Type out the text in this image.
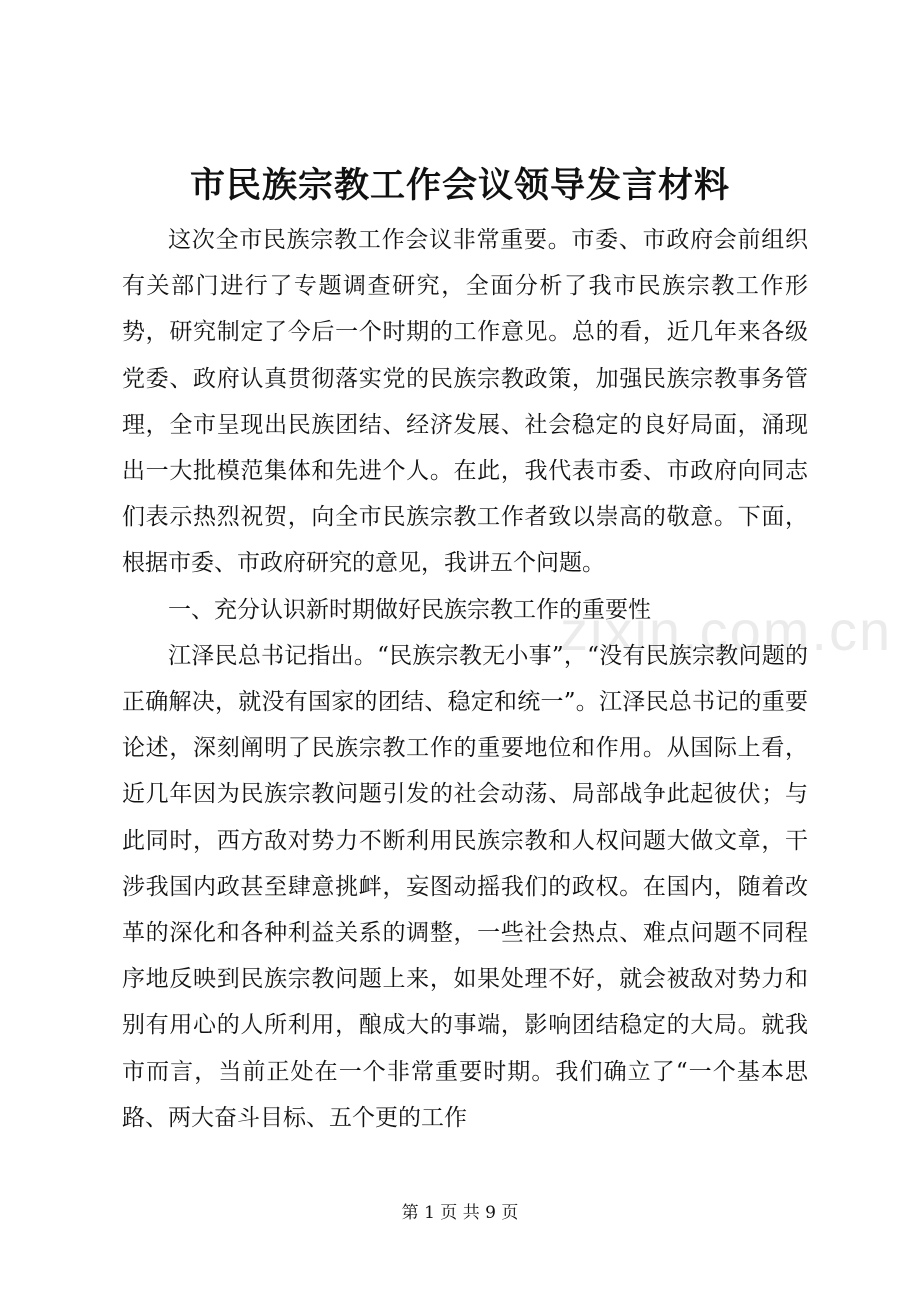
市民族宗教工作会议领导发言材料

这次全市民族宗教工作会议非常重要。市委、市政府会前组织有关部门进行了专题调查研究，全面分析了我市民族宗教工作形势，研究制定了今后一个时期的工作意见。总的看，近几年来各级党委、政府认真贯彻落实党的民族宗教政策，加强民族宗教事务管理，全市呈现出民族团结、经济发展、社会稳定的良好局面，涌现出一大批模范集体和先进个人。在此，我代表市委、市政府向同志们表示热烈祝贺，向全市民族宗教工作者致以崇高的敬意。下面，根据市委、市政府研究的意见，我讲五个问题。

一、充分认识新时期做好民族宗教工作的重要性

江泽民总书记指出。“民族宗教无小事”，“没有民族宗教问题的正确解决，就没有国家的团结、稳定和统一”。江泽民总书记的重要论述，深刻阐明了民族宗教工作的重要地位和作用。从国际上看，近几年因为民族宗教问题引发的社会动荡、局部战争此起彼伏；与此同时，西方敌对势力不断利用民族宗教和人权问题大做文章，干涉我国内政甚至肆意挑衅，妄图动摇我们的政权。在国内，随着改革的深化和各种利益关系的调整，一些社会热点、难点问题不同程序地反映到民族宗教问题上来，如果处理不好，就会被敌对势力和别有用心的人所利用，酿成大的事端，影响团结稳定的大局。就我市而言，当前正处在一个非常重要时期。我们确立了“一个基本思路、两大奋斗目标、五个更的工作

zixin.com.cn
第 1 页 共 9 页
